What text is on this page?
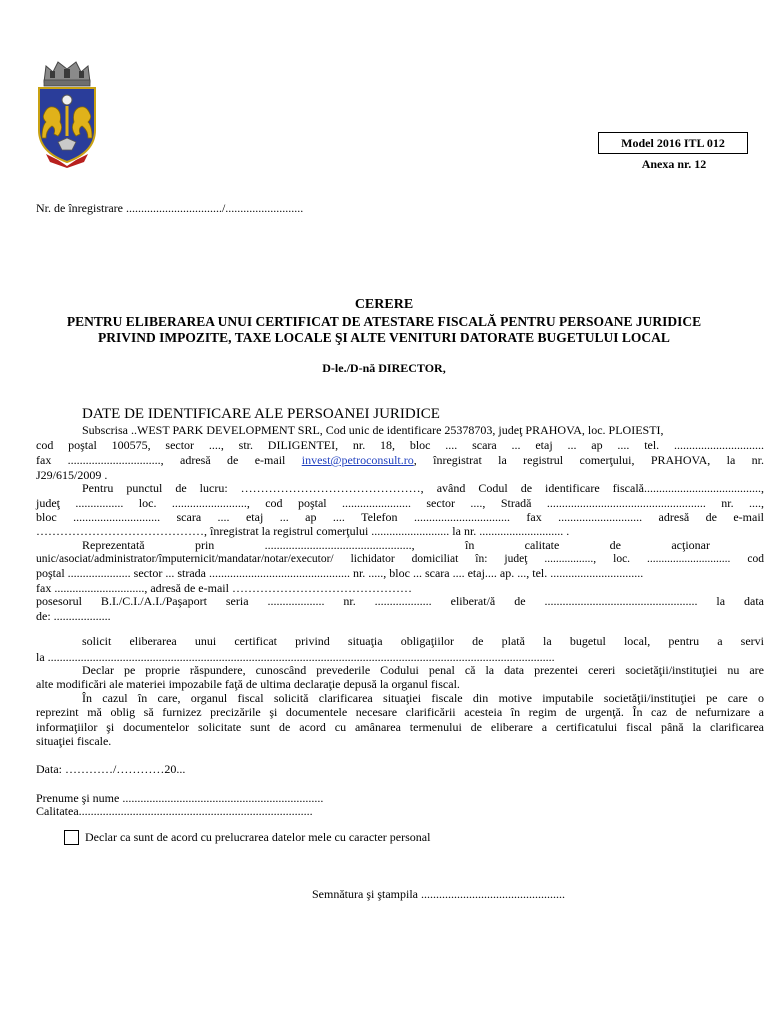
Model 2016 ITL 012
Anexa nr. 12
Nr. de înregistrare ................................/..........................
CERERE
PENTRU ELIBERAREA UNUI CERTIFICAT DE ATESTARE FISCALĂ PENTRU PERSOANE JURIDICE
PRIVIND IMPOZITE, TAXE LOCALE ŞI ALTE VENITURI DATORATE BUGETULUI LOCAL
D-le./D-nă DIRECTOR,
DATE DE IDENTIFICARE ALE PERSOANEI JURIDICE
Subscrisa ..WEST PARK DEVELOPMENT SRL, Cod unic de identificare 25378703, judeţ PRAHOVA, loc. PLOIESTI,
cod poştal 100575, sector ...., str. DILIGENTEI, nr. 18, bloc .... scara ... etaj ... ap .... tel. ..............................
fax ..............................., adresă de e-mail invest@petroconsult.ro, înregistrat la registrul comerţului, PRAHOVA, la nr.
J29/615/2009 .
Pentru punctul de lucru: ………………………………………, având Codul de identificare fiscală.......................................,
judeţ ................ loc. ........................., cod poştal ....................... sector ...., Stradă ..................................................... nr. ....,
bloc ............................. scara .... etaj ... ap .... Telefon ................................ fax ............................ adresă de e-mail
……………………………………, înregistrat la registrul comerţului .......................... la nr. ............................ .
Reprezentată prin ................................................., în calitate de acţionar
unic/asociat/administrator/împuternicit/mandatar/notar/executor/ lichidator domiciliat în: judeţ ................., loc. ............................. cod
poştal ..................... sector ... strada ............................................... nr. ....., bloc ... scara .... etaj.... ap. ..., tel. ...............................
fax .............................., adresă de e-mail ………………………………………
posesorul B.I./C.I./A.I./Paşaport seria ................... nr. ................... eliberat/ă de ................................................... la data
de: ...................
solicit eliberarea unui certificat privind situaţia obligaţiilor de plată la bugetul local, pentru a servi
la .........................................................................................................................................................................
Declar pe proprie răspundere, cunoscând prevederile Codului penal că la data prezentei cereri societăţii/instituţiei nu are
alte modificări ale materiei impozabile faţă de ultima declaraţie depusă la organul fiscal.
În cazul în care, organul fiscal solicită clarificarea situaţiei fiscale din motive imputabile societăţii/instituţiei pe care o
reprezint mă oblig să furnizez precizările şi documentele necesare clarificării acesteia în regim de urgenţă. În caz de nefurnizare a
informaţiilor şi documentelor solicitate sunt de acord cu amânarea termenului de eliberare a certificatului fiscal până la clarificarea
situaţiei fiscale.
Data: …………/…………20...
Prenume şi nume ...................................................................
Calitatea..............................................................................
Declar ca sunt de acord cu prelucrarea datelor mele cu caracter personal
Semnătura şi ştampila ................................................
